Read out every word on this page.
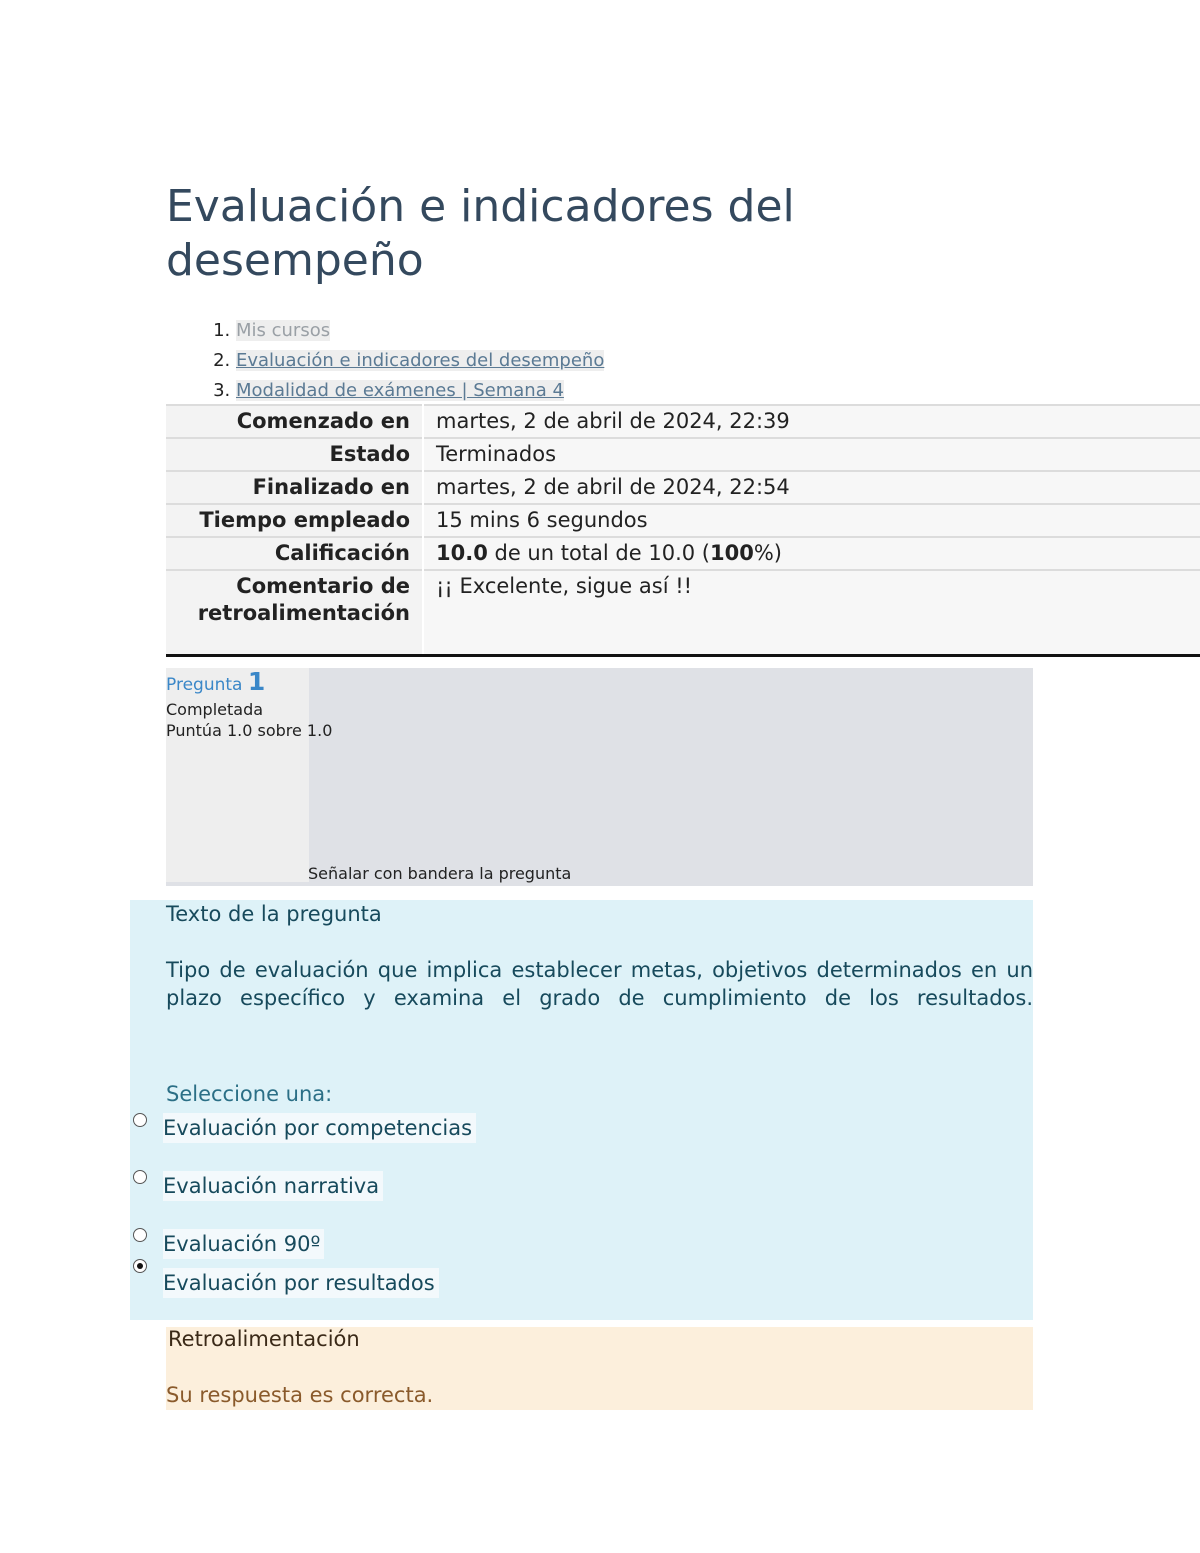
Evaluación e indicadores del desempeño
1. Mis cursos
2. Evaluación e indicadores del desempeño
3. Modalidad de exámenes | Semana 4
Comenzado en	martes, 2 de abril de 2024, 22:39
Estado	Terminados
Finalizado en	martes, 2 de abril de 2024, 22:54
Tiempo empleado	15 mins 6 segundos
Calificación	10.0 de un total de 10.0 (100%)
Comentario de retroalimentación	¡¡ Excelente, sigue así !!
Pregunta 1
Completada
Puntúa 1.0 sobre 1.0
Señalar con bandera la pregunta
Texto de la pregunta
Tipo de evaluación que implica establecer metas, objetivos determinados en un plazo específico y examina el grado de cumplimiento de los resultados.
Seleccione una:
Evaluación por competencias
Evaluación narrativa
Evaluación 90º
Evaluación por resultados
Retroalimentación
Su respuesta es correcta.
